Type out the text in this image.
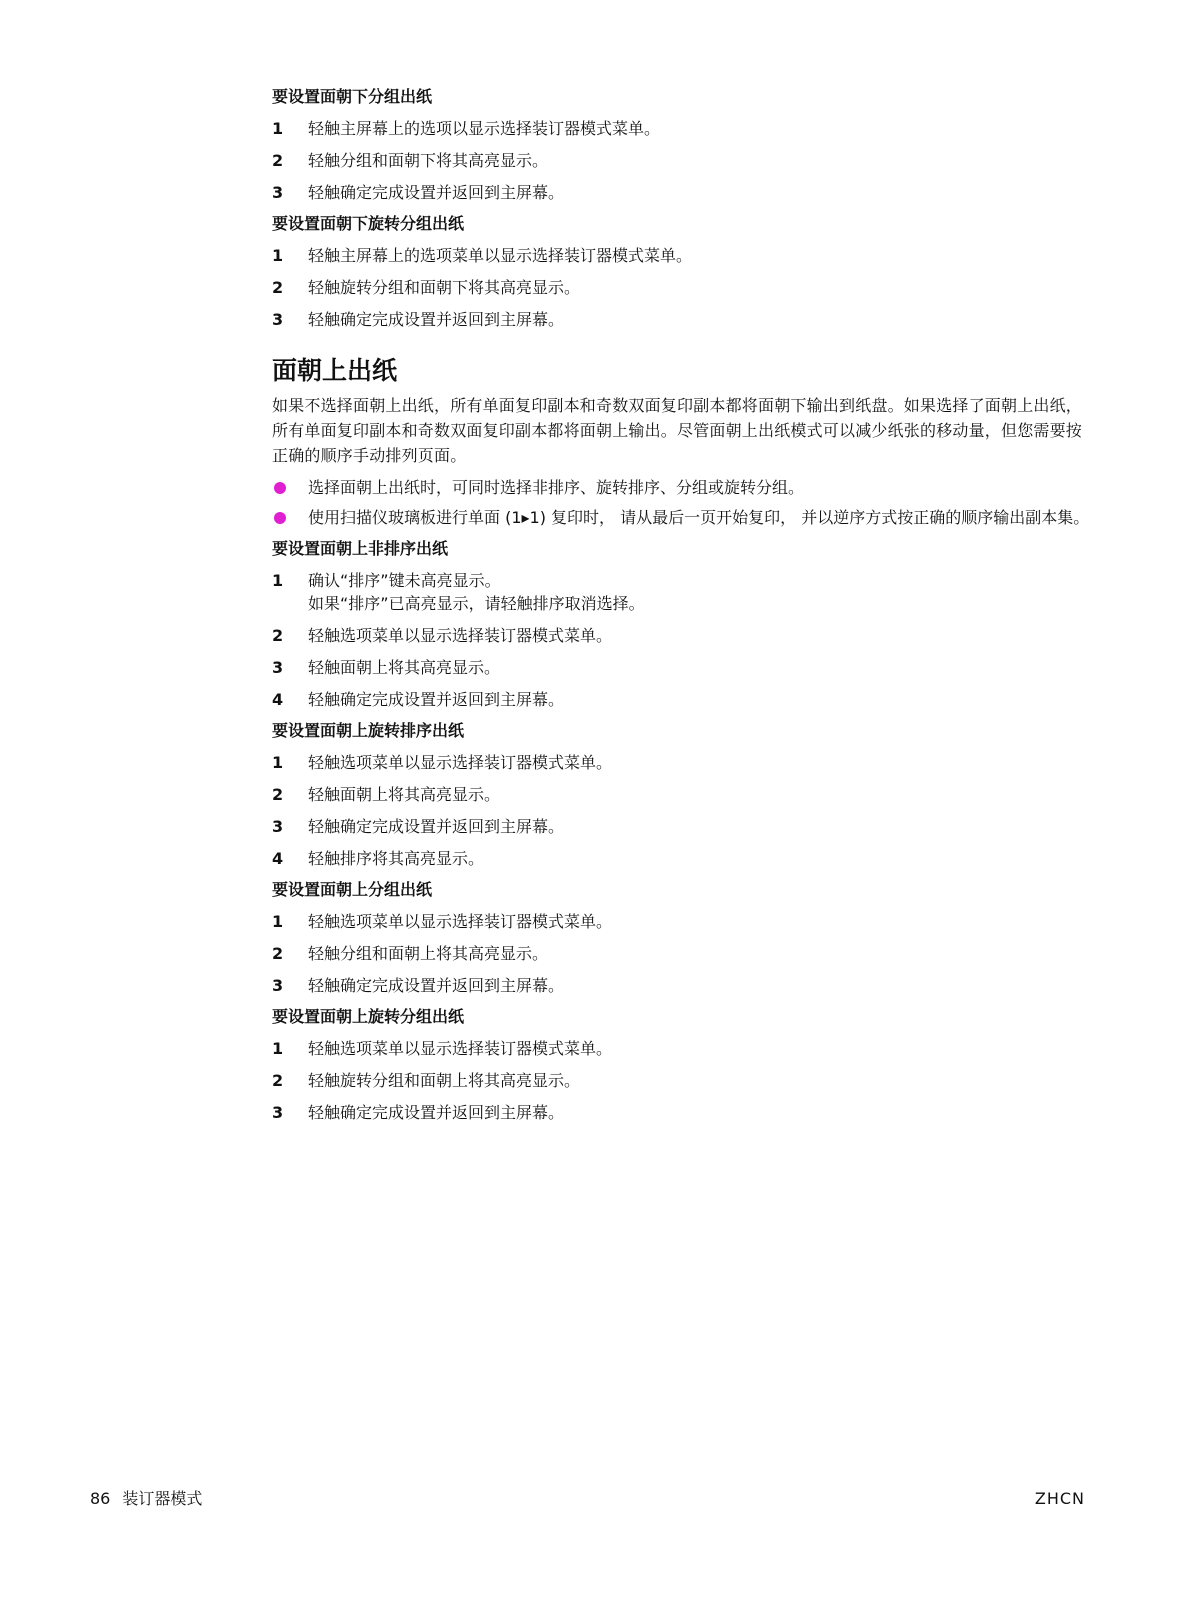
要设置面朝下分组出纸
1 轻触主屏幕上的选项以显示选择装订器模式菜单。
2 轻触分组和面朝下将其高亮显示。
3 轻触确定完成设置并返回到主屏幕。
要设置面朝下旋转分组出纸
1 轻触主屏幕上的选项菜单以显示选择装订器模式菜单。
2 轻触旋转分组和面朝下将其高亮显示。
3 轻触确定完成设置并返回到主屏幕。
面朝上出纸

如果不选择面朝上出纸，所有单面复印副本和奇数双面复印副本都将面朝下输出到纸盘。如果选择了面朝上出纸，所有单面复印副本和奇数双面复印副本都将面朝上输出。尽管面朝上出纸模式可以减少纸张的移动量，但您需要按正确的顺序手动排列页面。

选择面朝上出纸时，可同时选择非排序、旋转排序、分组或旋转分组。
使用扫描仪玻璃板进行单面 (1▸1) 复印时， 请从最后一页开始复印， 并以逆序方式按正确的顺序输出副本集。
要设置面朝上非排序出纸
1 确认“排序”键未高亮显示。
如果“排序”已高亮显示，请轻触排序取消选择。
2 轻触选项菜单以显示选择装订器模式菜单。
3 轻触面朝上将其高亮显示。
4 轻触确定完成设置并返回到主屏幕。
要设置面朝上旋转排序出纸
1 轻触选项菜单以显示选择装订器模式菜单。
2 轻触面朝上将其高亮显示。
3 轻触确定完成设置并返回到主屏幕。
4 轻触排序将其高亮显示。
要设置面朝上分组出纸
1 轻触选项菜单以显示选择装订器模式菜单。
2 轻触分组和面朝上将其高亮显示。
3 轻触确定完成设置并返回到主屏幕。
要设置面朝上旋转分组出纸
1 轻触选项菜单以显示选择装订器模式菜单。
2 轻触旋转分组和面朝上将其高亮显示。
3 轻触确定完成设置并返回到主屏幕。
86 装订器模式	ZHCN
